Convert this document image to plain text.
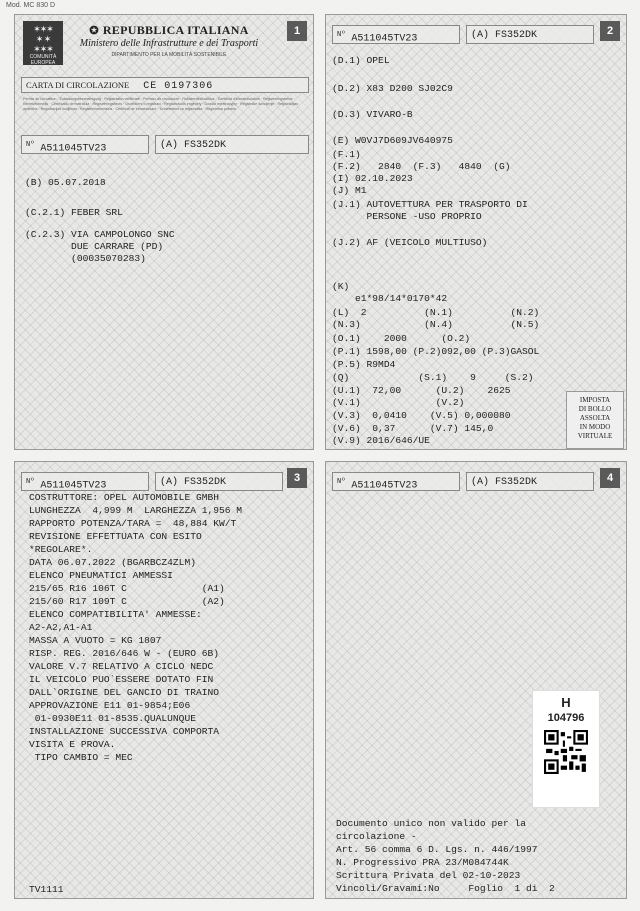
Mod. MC 830 D
✶✶✶
✶ ✶
✶✶✶
COMUNITÀ EUROPEA
✪ REPUBBLICA ITALIANA
Ministero delle Infrastrutture e dei Trasporti
DIPARTIMENTO PER LA MOBILITÀ SOSTENIBILE
1
CARTA DI CIRCOLAZIONE CE 0197306
Permis de circulation · Zulassungsbescheinigung · Registration certificate · Permiso de circulación · Rekisteröintitodistus · Certificat d'immatriculation · Registreringsbevis · Kentekenbewijs · Certificado de matrícula · Registreringsbevis · Osvědčení o registraci · Regisztrációs engedély · Dowód rejestracyjny · Registrske dovoljenje · Reģistrācijas apliecība · Registracijos liudijimas · Registrimistunnistus · Certificat de înmatriculare · Svidetelstvo za registratsia · Registrirna potrdila
$^{Nº}$ A511045TV23	(A) FS352DK
(B) 05.07.2018
(C.2.1) FEBER SRL
(C.2.3) VIA CAMPOLONGO SNC
DUE CARRARE (PD)
(00035070283)
$^{Nº}$ A511045TV23	(A) FS352DK	2
(D.1) OPEL
(D.2) X83 D200 SJ02C9
(D.3) VIVARO-B
(E) W0VJ7D609JV640975
(F.1)
(F.2)   2840  (F.3)   4840  (G)
(I) 02.10.2023
(J) M1
(J.1) AUTOVETTURA PER TRASPORTO DI
PERSONE -USO PROPRIO
(J.2) AF (VEICOLO MULTIUSO)
(K)
e1*98/14*0170*42
(L)  2          (N.1)          (N.2)
(N.3)           (N.4)          (N.5)
(O.1)    2000      (O.2)
(P.1) 1598,00 (P.2)092,00 (P.3)GASOL
(P.5) R9MD4
(Q)            (S.1)    9     (S.2)
(U.1)  72,00      (U.2)    2625
(V.1)             (V.2)
(V.3)  0,0410    (V.5) 0,000080
(V.6)  0,37      (V.7) 145,0
(V.9) 2016/646/UE
IMPOSTA
DI BOLLO
ASSOLTA
IN MODO
VIRTUALE
$^{Nº}$ A511045TV23	(A) FS352DK	3
COSTRUTTORE: OPEL AUTOMOBILE GMBH
LUNGHEZZA  4,999 M  LARGHEZZA 1,956 M
RAPPORTO POTENZA/TARA =  48,884 KW/T
REVISIONE EFFETTUATA CON ESITO
*REGOLARE*.
DATA 06.07.2022 (BGARBCZ4ZLM)
ELENCO PNEUMATICI AMMESSI
215/65 R16 106T C             (A1)
215/60 R17 109T C             (A2)
ELENCO COMPATIBILITA' AMMESSE:
A2-A2,A1-A1
MASSA A VUOTO = KG 1807
RISP. REG. 2016/646 W - (EURO 6B)
VALORE V.7 RELATIVO A CICLO NEDC
IL VEICOLO PUO`ESSERE DOTATO FIN
DALL`ORIGINE DEL GANCIO DI TRAINO
APPROVAZIONE E11 01-9854;E06
01-0930E11 01-8535.QUALUNQUE
INSTALLAZIONE SUCCESSIVA COMPORTA
VISITA E PROVA.
TIPO CAMBIO = MEC
TV1111
$^{Nº}$ A511045TV23	(A) FS352DK	4
H
104796
Documento unico non valido per la
circolazione -
Art. 56 comma 6 D. Lgs. n. 446/1997
N. Progressivo PRA 23/M084744K
Scrittura Privata del 02-10-2023
Vincoli/Gravami:No     Foglio  1 di  2
